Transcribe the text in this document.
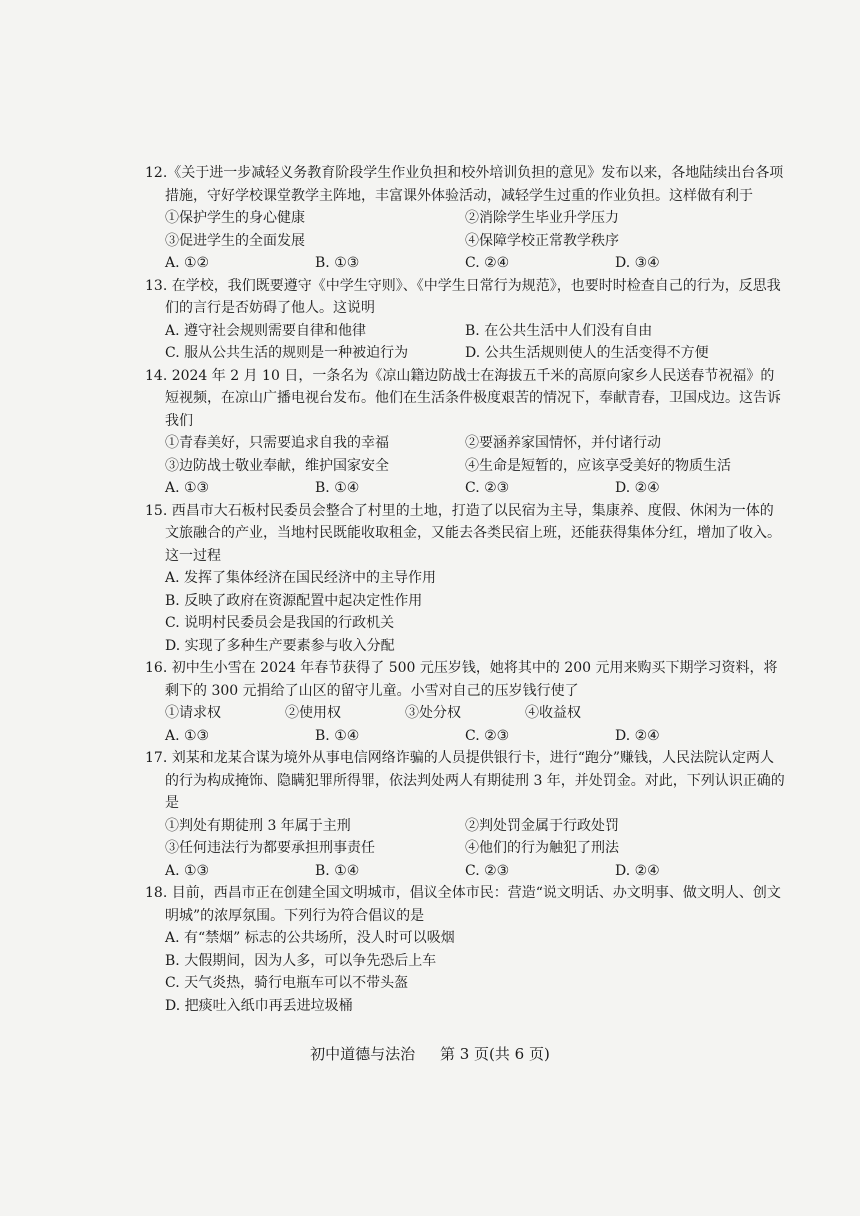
12.《关于进一步减轻义务教育阶段学生作业负担和校外培训负担的意见》发布以来，各地陆续出台各项措施，守好学校课堂教学主阵地，丰富课外体验活动，减轻学生过重的作业负担。这样做有利于
①保护学生的身心健康	②消除学生毕业升学压力
③促进学生的全面发展	④保障学校正常教学秩序
A. ①②	B. ①③	C. ②④	D. ③④
13. 在学校，我们既要遵守《中学生守则》、《中学生日常行为规范》，也要时时检查自己的行为，反思我们的言行是否妨碍了他人。这说明
A. 遵守社会规则需要自律和他律	B. 在公共生活中人们没有自由
C. 服从公共生活的规则是一种被迫行为	D. 公共生活规则使人的生活变得不方便
14. 2024 年 2 月 10 日，一条名为《凉山籍边防战士在海拔五千米的高原向家乡人民送春节祝福》的短视频，在凉山广播电视台发布。他们在生活条件极度艰苦的情况下，奉献青春，卫国戍边。这告诉我们
①青春美好，只需要追求自我的幸福	②要涵养家国情怀，并付诸行动
③边防战士敬业奉献，维护国家安全	④生命是短暂的，应该享受美好的物质生活
A. ①③	B. ①④	C. ②③	D. ②④
15. 西昌市大石板村民委员会整合了村里的土地，打造了以民宿为主导，集康养、度假、休闲为一体的文旅融合的产业，当地村民既能收取租金，又能去各类民宿上班，还能获得集体分红，增加了收入。这一过程
A. 发挥了集体经济在国民经济中的主导作用
B. 反映了政府在资源配置中起决定性作用
C. 说明村民委员会是我国的行政机关
D. 实现了多种生产要素参与收入分配
16. 初中生小雪在 2024 年春节获得了 500 元压岁钱，她将其中的 200 元用来购买下期学习资料，将剩下的 300 元捐给了山区的留守儿童。小雪对自己的压岁钱行使了
①请求权	②使用权	③处分权	④收益权
A. ①③	B. ①④	C. ②③	D. ②④
17. 刘某和龙某合谋为境外从事电信网络诈骗的人员提供银行卡，进行“跑分”赚钱，人民法院认定两人的行为构成掩饰、隐瞒犯罪所得罪，依法判处两人有期徒刑 3 年，并处罚金。对此，下列认识正确的是
①判处有期徒刑 3 年属于主刑	②判处罚金属于行政处罚
③任何违法行为都要承担刑事责任	④他们的行为触犯了刑法
A. ①③	B. ①④	C. ②③	D. ②④
18. 目前，西昌市正在创建全国文明城市，倡议全体市民：营造“说文明话、办文明事、做文明人、创文明城”的浓厚氛围。下列行为符合倡议的是
A. 有“禁烟” 标志的公共场所，没人时可以吸烟
B. 大假期间，因为人多，可以争先恐后上车
C. 天气炎热，骑行电瓶车可以不带头盔
D. 把痰吐入纸巾再丢进垃圾桶
初中道德与法治 第 3 页(共 6 页)
